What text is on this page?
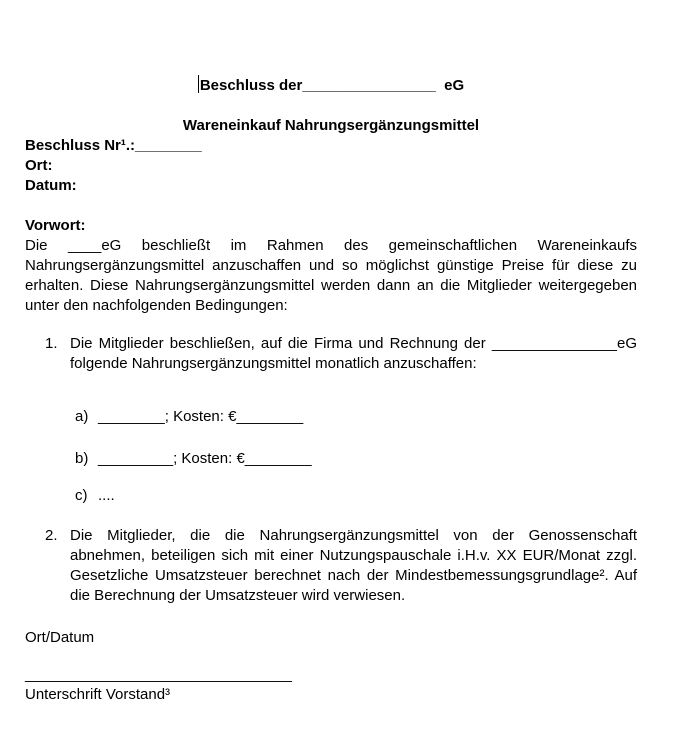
Beschluss der________________  eG
Wareneinkauf Nahrungsergänzungsmittel
Beschluss Nr¹.:________
Ort:
Datum:
Vorwort:

Die ____eG beschließt im Rahmen des gemeinschaftlichen Wareneinkaufs Nahrungsergänzungsmittel anzuschaffen und so möglichst günstige Preise für diese zu erhalten. Diese Nahrungsergänzungsmittel werden dann an die Mitglieder weitergegeben unter den nachfolgenden Bedingungen:

1. Die Mitglieder beschließen, auf die Firma und Rechnung der _______________eG folgende Nahrungsergänzungsmittel monatlich anzuschaffen:
a) ________; Kosten: €________
b) _________; Kosten: €________
c) ....
2. Die Mitglieder, die die Nahrungsergänzungsmittel von der Genossenschaft abnehmen, beteiligen sich mit einer Nutzungspauschale i.H.v. XX EUR/Monat zzgl. Gesetzliche Umsatzsteuer berechnet nach der Mindestbemessungsgrundlage². Auf die Berechnung der Umsatzsteuer wird verwiesen.
Ort/Datum
________________________________
Unterschrift Vorstand³
